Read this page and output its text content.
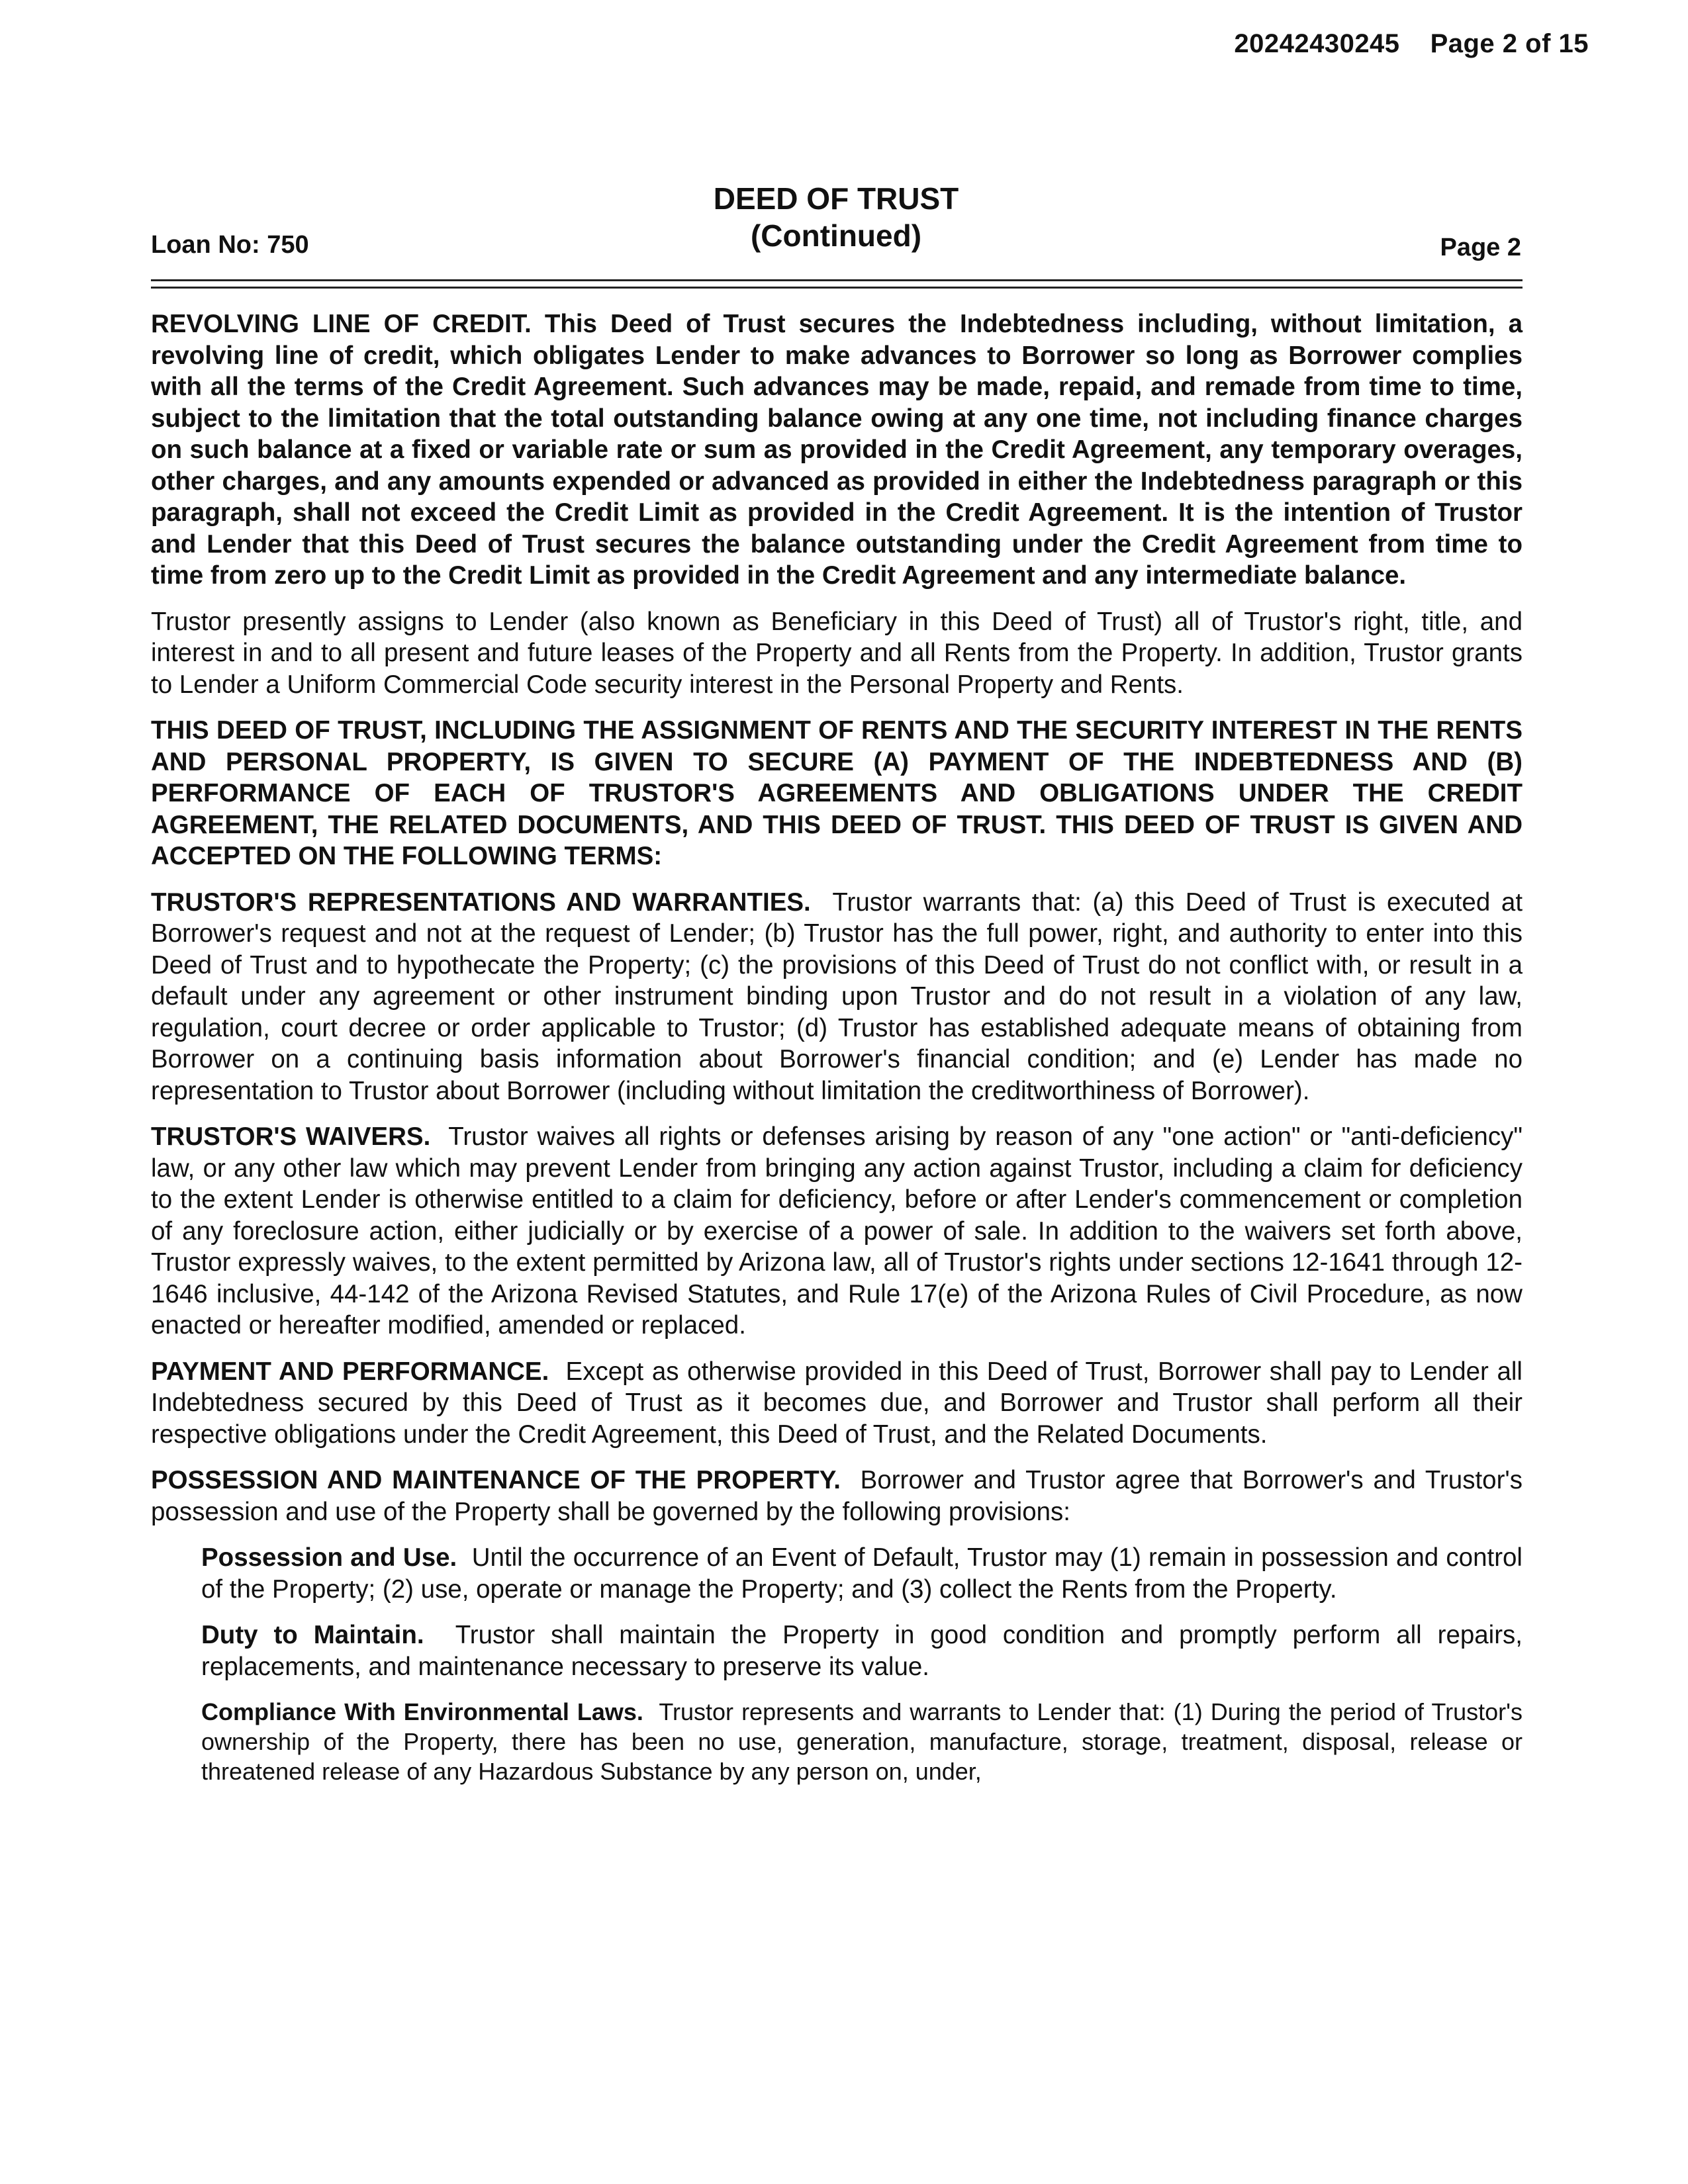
20242430245 Page 2 of 15
Loan No: 750
DEED OF TRUST
(Continued)	Page 2

REVOLVING LINE OF CREDIT. This Deed of Trust secures the Indebtedness including, without limitation, a revolving line of credit, which obligates Lender to make advances to Borrower so long as Borrower complies with all the terms of the Credit Agreement. Such advances may be made, repaid, and remade from time to time, subject to the limitation that the total outstanding balance owing at any one time, not including finance charges on such balance at a fixed or variable rate or sum as provided in the Credit Agreement, any temporary overages, other charges, and any amounts expended or advanced as provided in either the Indebtedness paragraph or this paragraph, shall not exceed the Credit Limit as provided in the Credit Agreement. It is the intention of Trustor and Lender that this Deed of Trust secures the balance outstanding under the Credit Agreement from time to time from zero up to the Credit Limit as provided in the Credit Agreement and any intermediate balance.

Trustor presently assigns to Lender (also known as Beneficiary in this Deed of Trust) all of Trustor's right, title, and interest in and to all present and future leases of the Property and all Rents from the Property. In addition, Trustor grants to Lender a Uniform Commercial Code security interest in the Personal Property and Rents.

THIS DEED OF TRUST, INCLUDING THE ASSIGNMENT OF RENTS AND THE SECURITY INTEREST IN THE RENTS AND PERSONAL PROPERTY, IS GIVEN TO SECURE (A) PAYMENT OF THE INDEBTEDNESS AND (B) PERFORMANCE OF EACH OF TRUSTOR'S AGREEMENTS AND OBLIGATIONS UNDER THE CREDIT AGREEMENT, THE RELATED DOCUMENTS, AND THIS DEED OF TRUST. THIS DEED OF TRUST IS GIVEN AND ACCEPTED ON THE FOLLOWING TERMS:

TRUSTOR'S REPRESENTATIONS AND WARRANTIES. Trustor warrants that: (a) this Deed of Trust is executed at Borrower's request and not at the request of Lender; (b) Trustor has the full power, right, and authority to enter into this Deed of Trust and to hypothecate the Property; (c) the provisions of this Deed of Trust do not conflict with, or result in a default under any agreement or other instrument binding upon Trustor and do not result in a violation of any law, regulation, court decree or order applicable to Trustor; (d) Trustor has established adequate means of obtaining from Borrower on a continuing basis information about Borrower's financial condition; and (e) Lender has made no representation to Trustor about Borrower (including without limitation the creditworthiness of Borrower).

TRUSTOR'S WAIVERS. Trustor waives all rights or defenses arising by reason of any "one action" or "anti-deficiency" law, or any other law which may prevent Lender from bringing any action against Trustor, including a claim for deficiency to the extent Lender is otherwise entitled to a claim for deficiency, before or after Lender's commencement or completion of any foreclosure action, either judicially or by exercise of a power of sale. In addition to the waivers set forth above, Trustor expressly waives, to the extent permitted by Arizona law, all of Trustor's rights under sections 12-1641 through 12-1646 inclusive, 44-142 of the Arizona Revised Statutes, and Rule 17(e) of the Arizona Rules of Civil Procedure, as now enacted or hereafter modified, amended or replaced.

PAYMENT AND PERFORMANCE. Except as otherwise provided in this Deed of Trust, Borrower shall pay to Lender all Indebtedness secured by this Deed of Trust as it becomes due, and Borrower and Trustor shall perform all their respective obligations under the Credit Agreement, this Deed of Trust, and the Related Documents.

POSSESSION AND MAINTENANCE OF THE PROPERTY. Borrower and Trustor agree that Borrower's and Trustor's possession and use of the Property shall be governed by the following provisions:

Possession and Use. Until the occurrence of an Event of Default, Trustor may (1) remain in possession and control of the Property; (2) use, operate or manage the Property; and (3) collect the Rents from the Property.

Duty to Maintain. Trustor shall maintain the Property in good condition and promptly perform all repairs, replacements, and maintenance necessary to preserve its value.

Compliance With Environmental Laws. Trustor represents and warrants to Lender that: (1) During the period of Trustor's ownership of the Property, there has been no use, generation, manufacture, storage, treatment, disposal, release or threatened release of any Hazardous Substance by any person on, under,
